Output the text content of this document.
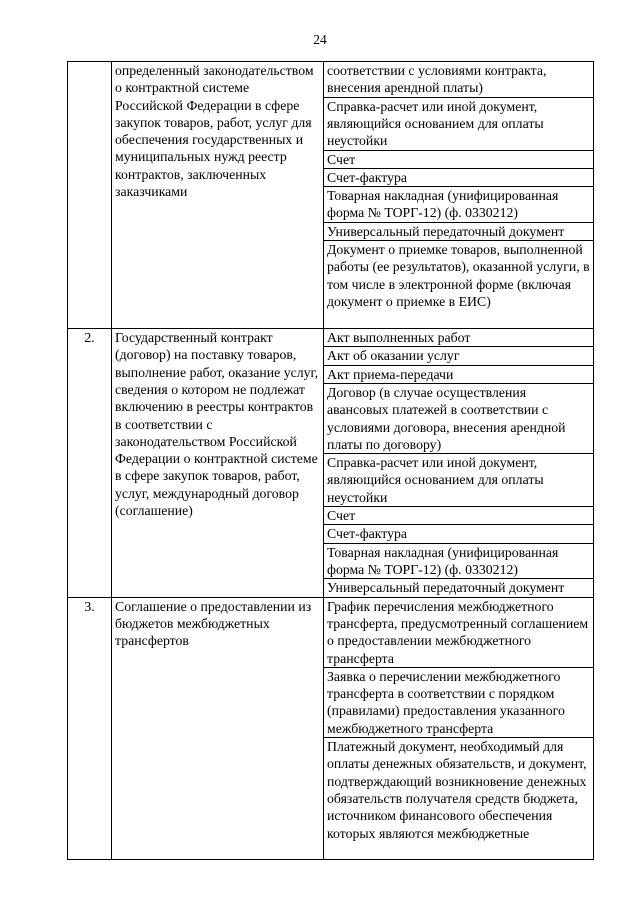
24
	определенный законодательством о контрактной системе Российской Федерации в сфере закупок товаров, работ, услуг для обеспечения государственных и муниципальных нужд реестр контрактов, заключенных заказчиками	соответствии с условиями контракта, внесения арендной платы)
		Справка-расчет или иной документ, являющийся основанием для оплаты неустойки
		Счет
		Счет-фактура
		Товарная накладная (унифицированная форма № ТОРГ-12) (ф. 0330212)
		Универсальный передаточный документ
		Документ о приемке товаров, выполненной работы (ее результатов), оказанной услуги, в том числе в электронной форме (включая документ о приемке в ЕИС)
2.	Государственный контракт (договор) на поставку товаров, выполнение работ, оказание услуг, сведения о котором не подлежат включению в реестры контрактов в соответствии с законодательством Российской Федерации о контрактной системе в сфере закупок товаров, работ, услуг, международный договор (соглашение)	Акт выполненных работ
		Акт об оказании услуг
		Акт приема-передачи
		Договор (в случае осуществления авансовых платежей в соответствии с условиями договора, внесения арендной платы по договору)
		Справка-расчет или иной документ, являющийся основанием для оплаты неустойки
		Счет
		Счет-фактура
		Товарная накладная (унифицированная форма № ТОРГ-12) (ф. 0330212)
		Универсальный передаточный документ
3.	Соглашение о предоставлении из бюджетов межбюджетных трансфертов	График перечисления межбюджетного трансферта, предусмотренный соглашением о предоставлении межбюджетного трансферта
		Заявка о перечислении межбюджетного трансферта в соответствии с порядком (правилами) предоставления указанного межбюджетного трансферта
		Платежный документ, необходимый для оплаты денежных обязательств, и документ, подтверждающий возникновение денежных обязательств получателя средств бюджета, источником финансового обеспечения которых являются межбюджетные
